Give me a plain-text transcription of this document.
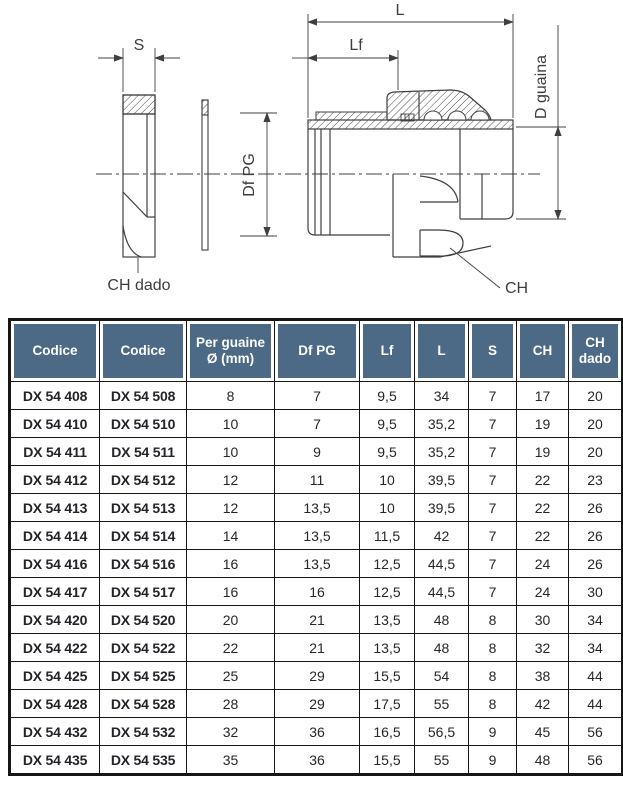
S
L
Lf
CH dado	CH
Df PG
D guaina
Codice	Codice	Per guaine Ø (mm)	Df PG	Lf	L	S	CH	CH dado

DX 54 408	DX 54 508	8	7	9,5	34	7	17	20
DX 54 410	DX 54 510	10	7	9,5	35,2	7	19	20
DX 54 411	DX 54 511	10	9	9,5	35,2	7	19	20
DX 54 412	DX 54 512	12	11	10	39,5	7	22	23
DX 54 413	DX 54 513	12	13,5	10	39,5	7	22	26
DX 54 414	DX 54 514	14	13,5	11,5	42	7	22	26
DX 54 416	DX 54 516	16	13,5	12,5	44,5	7	24	26
DX 54 417	DX 54 517	16	16	12,5	44,5	7	24	30
DX 54 420	DX 54 520	20	21	13,5	48	8	30	34
DX 54 422	DX 54 522	22	21	13,5	48	8	32	34
DX 54 425	DX 54 525	25	29	15,5	54	8	38	44
DX 54 428	DX 54 528	28	29	17,5	55	8	42	44
DX 54 432	DX 54 532	32	36	16,5	56,5	9	45	56
DX 54 435	DX 54 535	35	36	15,5	55	9	48	56
